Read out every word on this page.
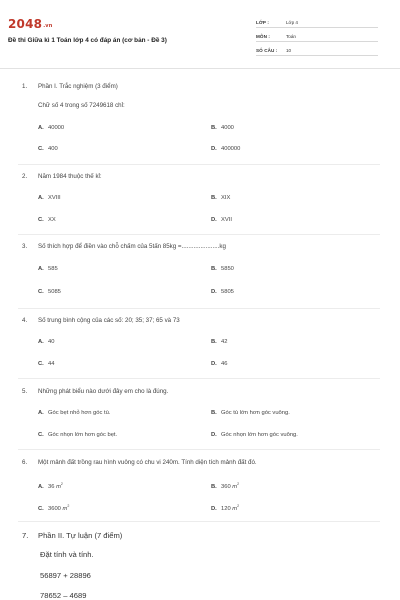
2048.vn
Đề thi Giữa kì 1 Toán lớp 4 có đáp án (cơ bản - Đề 3)
LỚP :	Lớp 4
MÔN :	Toán
SỐ CÂU : 10
1. Phần I. Trắc nghiệm (3 điểm)
Chữ số 4 trong số 7249618 chỉ:
A. 40000	B. 4000
C. 400	D. 400000
2. Năm 1984 thuộc thế kỉ:
A. XVIII	B. XIX
C. XX	D. XVII
3. Số thích hợp để điền vào chỗ chấm của 5tấn 85kg =......................kg
A. 585	B. 5850
C. 5085	D. 5805
4. Số trung bình cộng của các số: 20; 35; 37; 65 và 73
A. 40	B. 42
C. 44	D. 46
5. Những phát biểu nào dưới đây em cho là đúng.
A. Góc bẹt nhỏ hơn góc tù.	B. Góc tù lớn hơn góc vuông.
C. Góc nhọn lớn hơn góc bẹt.	D. Góc nhọn lớn hơn góc vuông.
6. Một mảnh đất trồng rau hình vuông có chu vi 240m. Tính diện tích mảnh đất đó.
A. 36 $m^2$	B. 360 $m^2$
C. 3600 $m^2$	D. 120 $m^2$
7. Phần II. Tự luận (7 điểm)
Đặt tính và tính.
56897 + 28896
78652 – 4689
